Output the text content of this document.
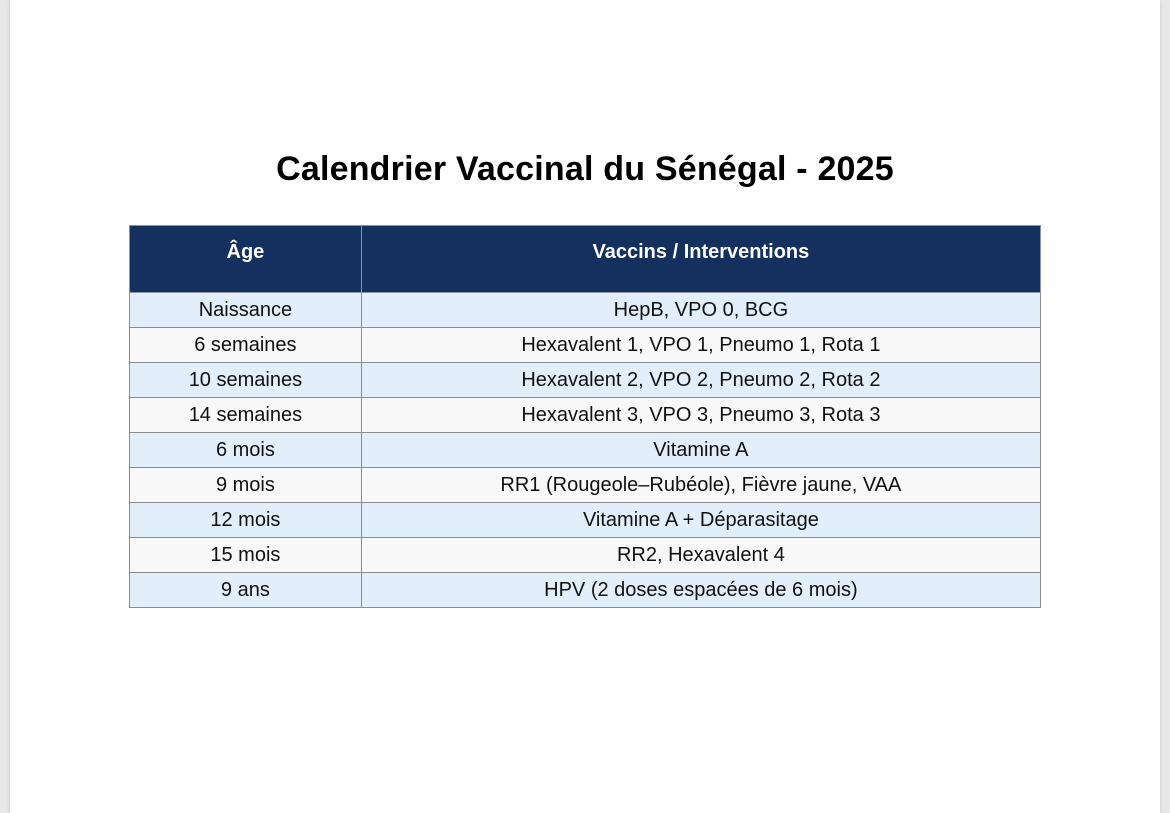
Calendrier Vaccinal du Sénégal - 2025
Âge	Vaccins / Interventions
Naissance	HepB, VPO 0, BCG
6 semaines	Hexavalent 1, VPO 1, Pneumo 1, Rota 1
10 semaines	Hexavalent 2, VPO 2, Pneumo 2, Rota 2
14 semaines	Hexavalent 3, VPO 3, Pneumo 3, Rota 3
6 mois	Vitamine A
9 mois	RR1 (Rougeole–Rubéole), Fièvre jaune, VAA
12 mois	Vitamine A + Déparasitage
15 mois	RR2, Hexavalent 4
9 ans	HPV (2 doses espacées de 6 mois)
